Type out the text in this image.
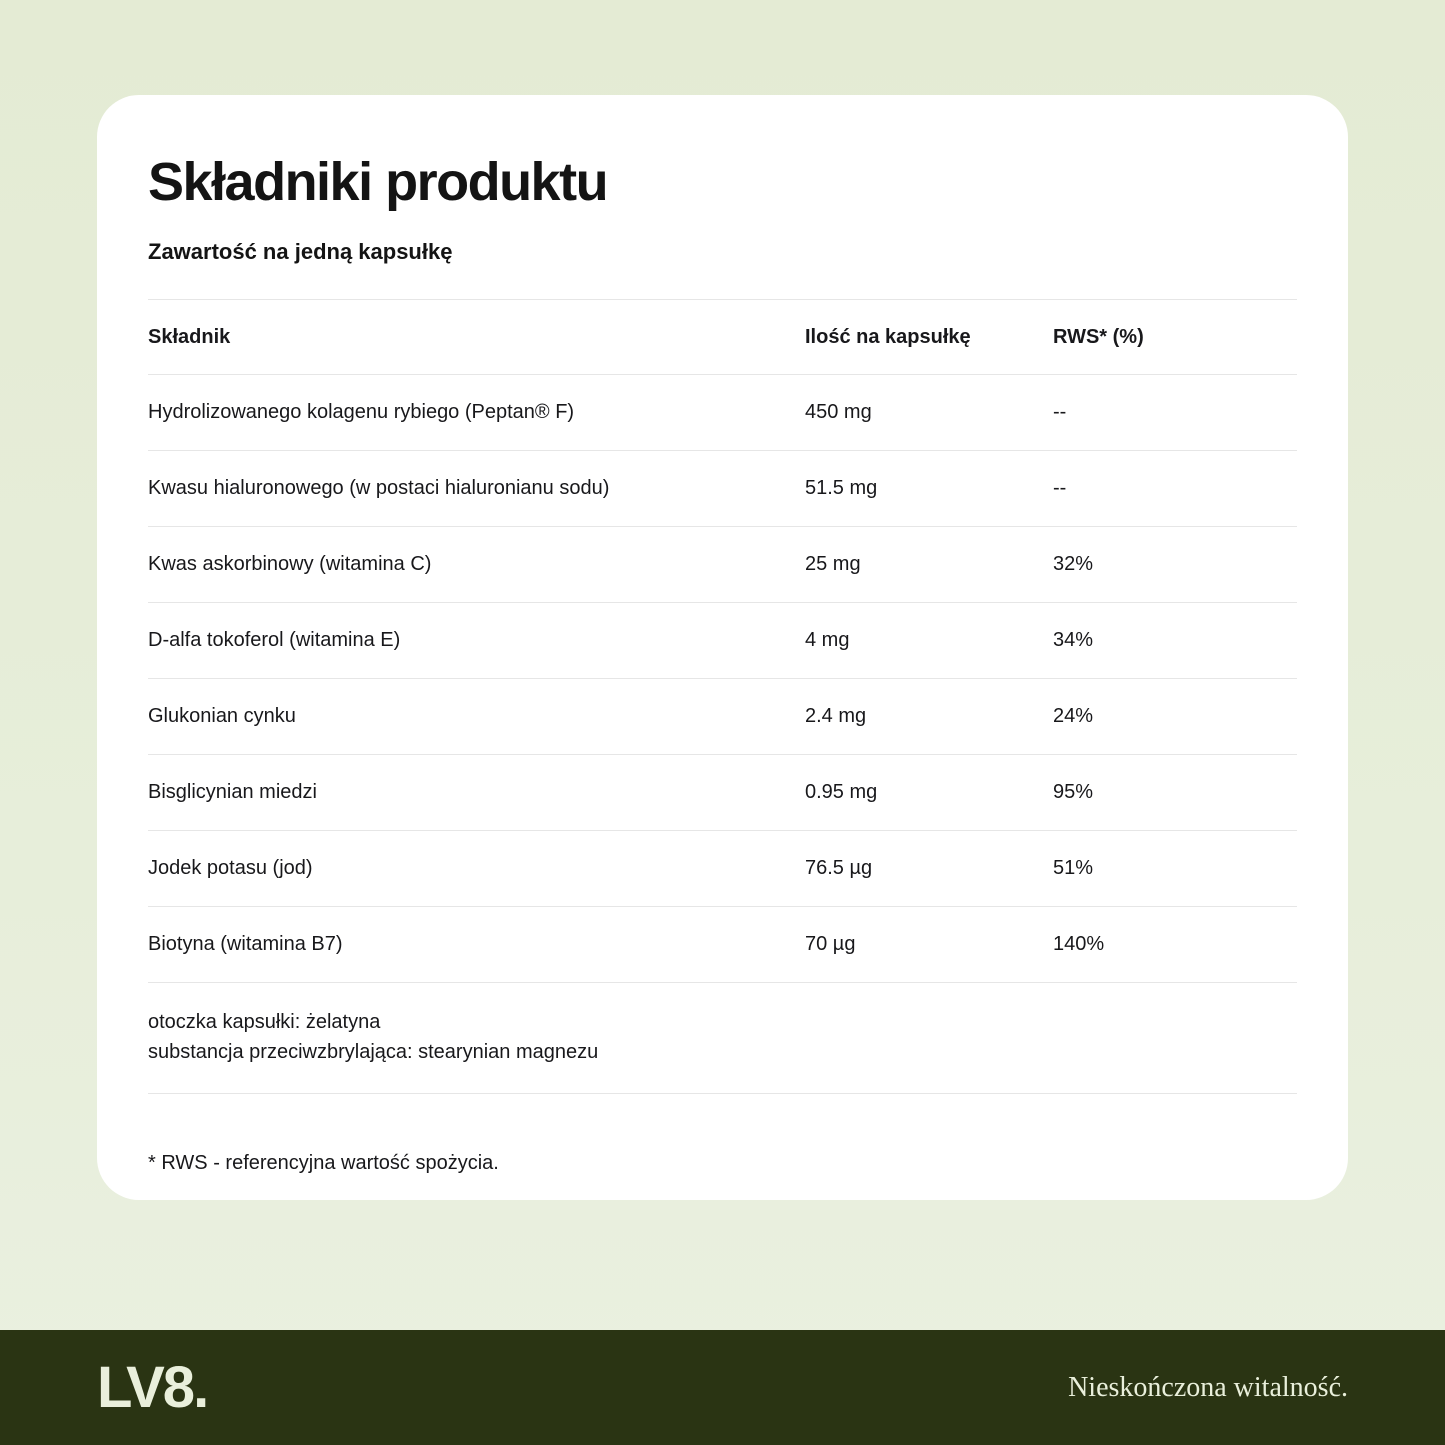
Składniki produktu
Zawartość na jedną kapsułkę
Składnik	Ilość na kapsułkę	RWS* (%)
Hydrolizowanego kolagenu rybiego (Peptan® F)	450 mg	--
Kwasu hialuronowego (w postaci hialuronianu sodu)	51.5 mg	--
Kwas askorbinowy (witamina C)	25 mg	32%
D-alfa tokoferol (witamina E)	4 mg	34%
Glukonian cynku	2.4 mg	24%
Bisglicynian miedzi	0.95 mg	95%
Jodek potasu (jod)	76.5 µg	51%
Biotyna (witamina B7)	70 µg	140%
otoczka kapsułki: żelatyna
substancja przeciwzbrylająca: stearynian magnezu
* RWS - referencyjna wartość spożycia.
LV8.	Nieskończona witalność.
